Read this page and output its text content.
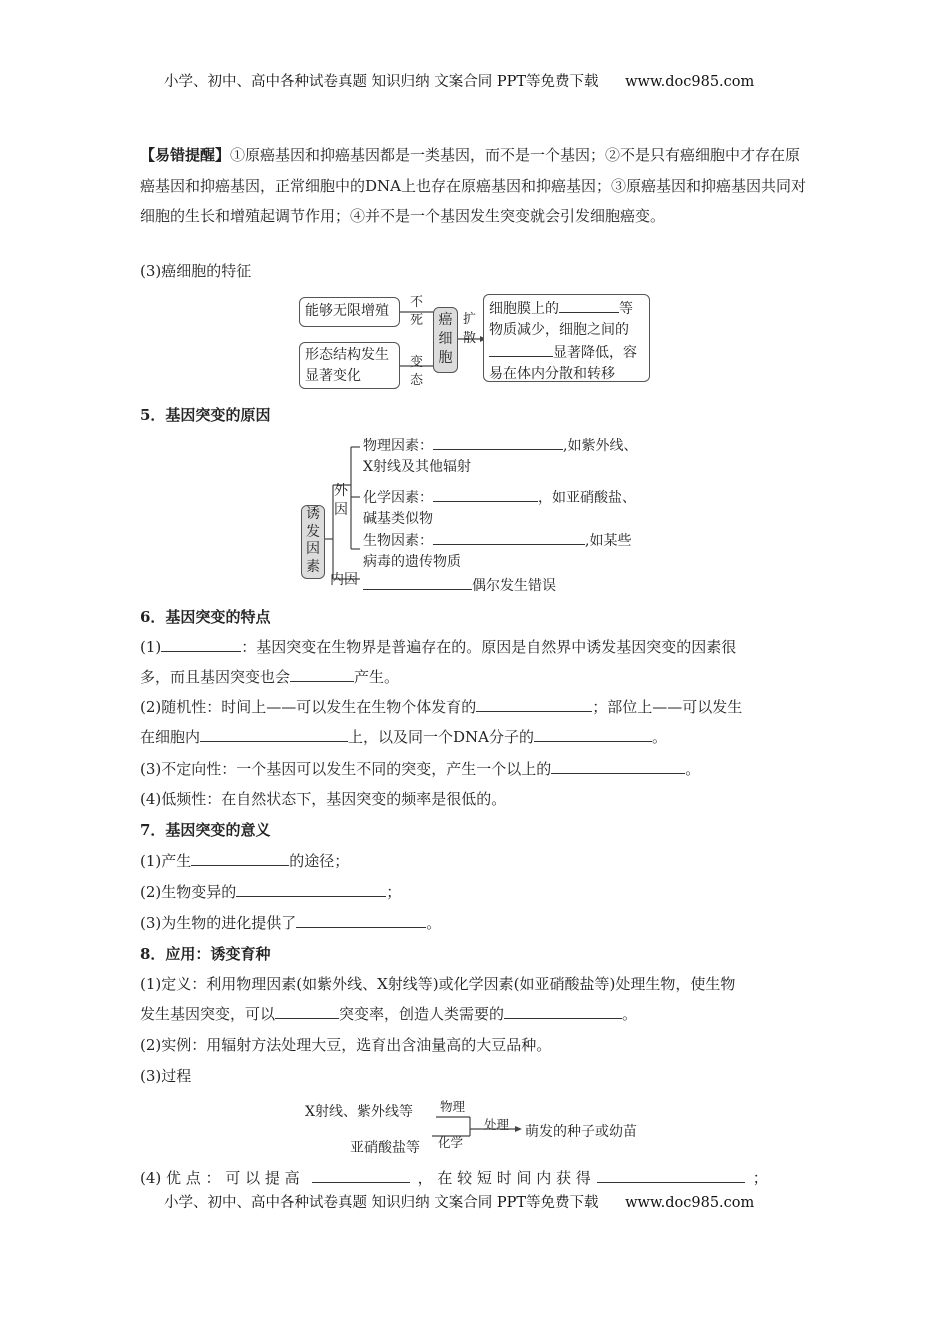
小学、初中、高中各种试卷真题 知识归纳 文案合同 PPT等免费下载 www.doc985.com
【易错提醒】①原癌基因和抑癌基因都是一类基因，而不是一个基因；②不是只有癌细胞中才存在原癌基因和抑癌基因，正常细胞中的DNA上也存在原癌基因和抑癌基因；③原癌基因和抑癌基因共同对细胞的生长和增殖起调节作用；④并不是一个基因发生突变就会引发细胞癌变。
(3)癌细胞的特征
能够无限增殖
不
死
形态结构发生
显著变化
变
态
癌
细
胞
扩
散
细胞膜上的	等
物质减少，细胞之间的
显著降低，容
易在体内分散和转移
5．基因突变的原因
诱
发
因
素
外
因
内因
物理因素：	,如紫外线、
X射线及其他辐射
化学因素：	，如亚硝酸盐、
碱基类似物
生物因素：	,如某些
病毒的遗传物质
偶尔发生错误
6．基因突变的特点
(1)	：基因突变在生物界是普遍存在的。原因是自然界中诱发基因突变的因素很
多，而且基因突变也会	产生。
(2)随机性：时间上——可以发生在生物个体发育的	；部位上——可以发生
在细胞内	上，以及同一个DNA分子的	。
(3)不定向性：一个基因可以发生不同的突变，产生一个以上的	。
(4)低频性：在自然状态下，基因突变的频率是很低的。
7．基因突变的意义
(1)产生	的途径；
(2)生物变异的	；
(3)为生物的进化提供了	。
8．应用：诱变育种
(1)定义：利用物理因素(如紫外线、X射线等)或化学因素(如亚硝酸盐等)处理生物，使生物
发生基因突变，可以	突变率，创造人类需要的	。
(2)实例：用辐射方法处理大豆，选育出含油量高的大豆品种。
(3)过程
X射线、紫外线等 物理
亚硝酸盐等 化学
处理 萌发的种子或幼苗
(4) 优 点 ： 可 以 提 高	， 在 较 短 时 间 内 获 得	；
小学、初中、高中各种试卷真题 知识归纳 文案合同 PPT等免费下载 www.doc985.com
